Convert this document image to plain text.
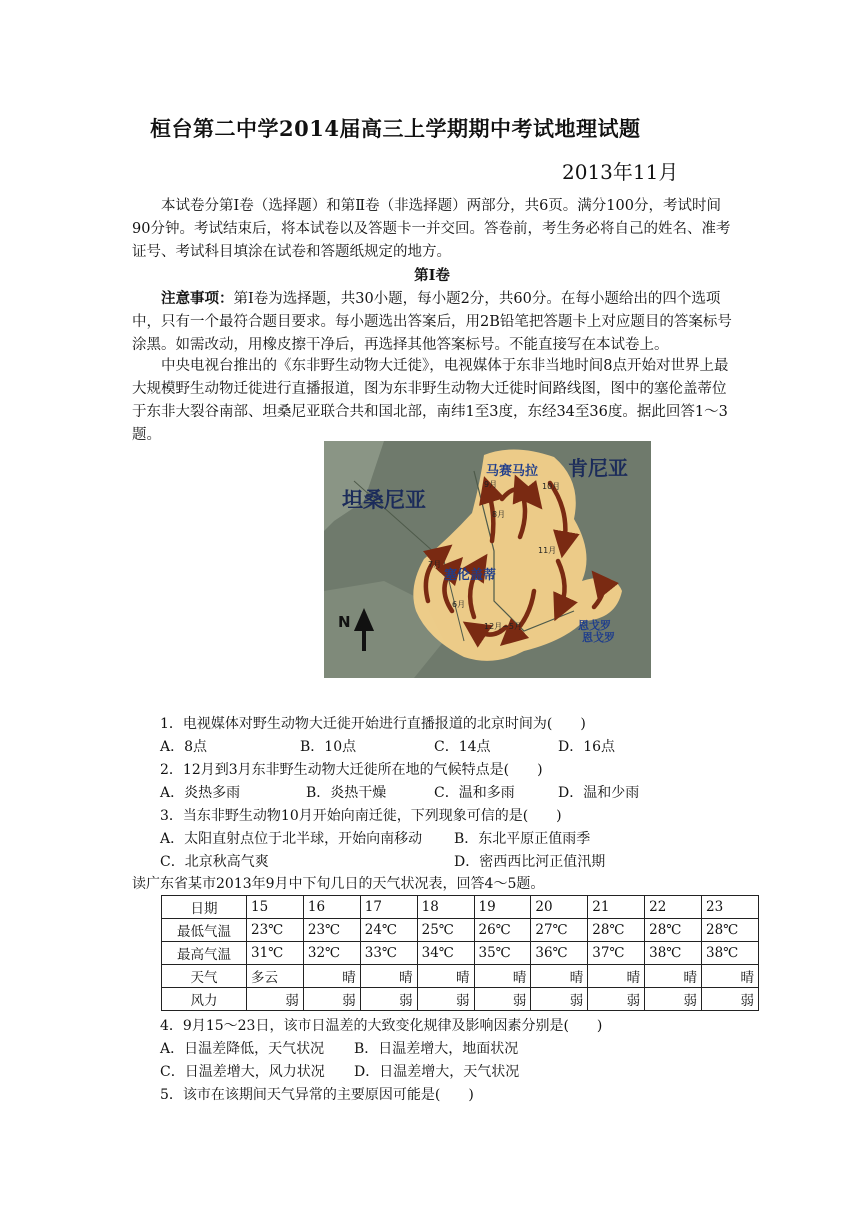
桓台第二中学2014届高三上学期期中考试地理试题
2013年11月
本试卷分第Ⅰ卷（选择题）和第Ⅱ卷（非选择题）两部分，共6页。满分100分，考试时间90分钟。考试结束后，将本试卷以及答题卡一并交回。答卷前，考生务必将自己的姓名、准考证号、考试科目填涂在试卷和答题纸规定的地方。
第Ⅰ卷
注意事项：第Ⅰ卷为选择题，共30小题，每小题2分，共60分。在每小题给出的四个选项中，只有一个最符合题目要求。每小题选出答案后，用2B铅笔把答题卡上对应题目的答案标号涂黑。如需改动，用橡皮擦干净后，再选择其他答案标号。不能直接写在本试卷上。
中央电视台推出的《东非野生动物大迁徙》，电视媒体于东非当地时间8点开始对世界上最大规模野生动物迁徙进行直播报道，图为东非野生动物大迁徙时间路线图，图中的塞伦盖蒂位于东非大裂谷南部、坦桑尼亚联合共和国北部，南纬1至3度，东经34至36度。据此回答1～3题。
坦桑尼亚
肯尼亚
马赛马拉
塞伦盖蒂
恩戈罗
恩戈罗
7月
6月
8月
9月	10月
11月
12月~5月
N
1．电视媒体对野生动物大迁徙开始进行直播报道的北京时间为(　　)
A．8点	B．10点	C．14点	D．16点
2．12月到3月东非野生动物大迁徙所在地的气候特点是(　　)
A．炎热多雨	B．炎热干燥	C．温和多雨	D．温和少雨
3．当东非野生动物10月开始向南迁徙，下列现象可信的是(　　)
A．太阳直射点位于北半球，开始向南移动 B．东北平原正值雨季
C．北京秋高气爽	D．密西西比河正值汛期
读广东省某市2013年9月中下旬几日的天气状况表，回答4～5题。
日期	15	16	17	18	19	20	21	22	23
最低气温	23℃	23℃	24℃	25℃	26℃	27℃	28℃	28℃	28℃
最高气温	31℃	32℃	33℃	34℃	35℃	36℃	37℃	38℃	38℃
天气	多云	晴	晴	晴	晴	晴	晴	晴	晴
风力	弱	弱	弱	弱	弱	弱	弱	弱	弱
4．9月15～23日，该市日温差的大致变化规律及影响因素分别是(　　)
A．日温差降低，天气状况 B．日温差增大，地面状况
C．日温差增大，风力状况 D．日温差增大，天气状况
5．该市在该期间天气异常的主要原因可能是(　　)
